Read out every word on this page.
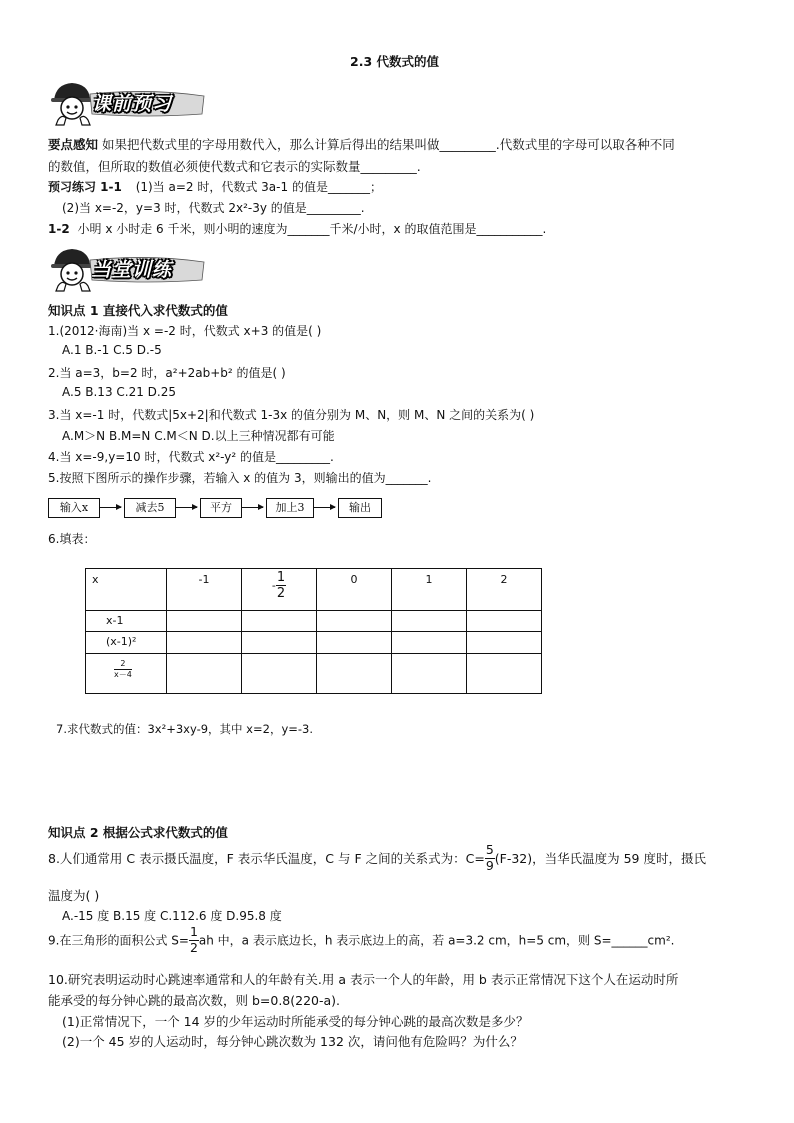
2.3 代数式的值
课前预习
要点感知 如果把代数式里的字母用数代入，那么计算后得出的结果叫做_________.代数式里的字母可以取各种不同
的数值，但所取的数值必须使代数式和它表示的实际数量_________.
预习练习 1-1 (1)当 a=2 时，代数式 3a-1 的值是_______；
(2)当 x=-2，y=3 时，代数式 2x²-3y 的值是_________.
1-2 小明 x 小时走 6 千米，则小明的速度为_______千米/小时，x 的取值范围是___________.
当堂训练
知识点 1 直接代入求代数式的值
1.(2012·海南)当 x =-2 时，代数式 x+3 的值是( )
A.1 B.-1 C.5 D.-5
2.当 a=3，b=2 时，a²+2ab+b² 的值是( )
A.5 B.13 C.21 D.25
3.当 x=-1 时，代数式|5x+2|和代数式 1-3x 的值分别为 M、N，则 M、N 之间的关系为( )
A.M＞N B.M=N C.M＜N D.以上三种情况都有可能
4.当 x=-9,y=10 时，代数式 x²-y² 的值是_________.
5.按照下图所示的操作步骤，若输入 x 的值为 3，则输出的值为_______.
输入x	减去5	平方	加上3	输出
6.填表：
x	-1	- $\frac{1}{2}$	0	1	2
x-1					
(x-1)²					

$\frac{2}{x-4}$

7.求代数式的值：3x²+3xy-9，其中 x=2，y=-3.
知识点 2 根据公式求代数式的值
8.人们通常用 C 表示摄氏温度，F 表示华氏温度，C 与 F 之间的关系式为：$C= \frac{5}{9} (F-32)$，当华氏温度为 59 度时，摄氏
温度为( )
A.-15 度 B.15 度 C.112.6 度 D.95.8 度
9.在三角形的面积公式 $S= \frac{1}{2}$ ah 中，a 表示底边长，h 表示底边上的高，若 a=3.2 cm，h=5 cm，则 S=______cm².
10.研究表明运动时心跳速率通常和人的年龄有关.用 a 表示一个人的年龄，用 b 表示正常情况下这个人在运动时所
能承受的每分钟心跳的最高次数，则 b=0.8(220-a).
(1)正常情况下，一个 14 岁的少年运动时所能承受的每分钟心跳的最高次数是多少？
(2)一个 45 岁的人运动时，每分钟心跳次数为 132 次，请问他有危险吗？为什么？
